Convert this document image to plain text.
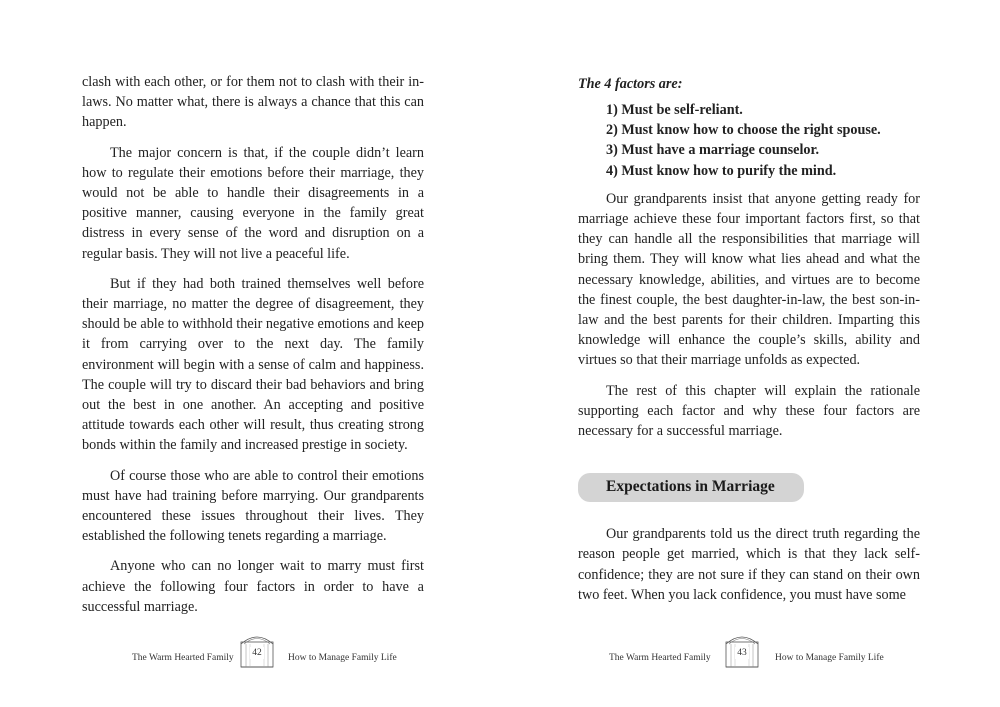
clash with each other, or for them not to clash with their in-laws. No matter what, there is always a chance that this can happen.

The major concern is that, if the couple didn’t learn how to regulate their emotions before their marriage, they would not be able to handle their disagreements in a positive manner, causing everyone in the family great distress in every sense of the word and disruption on a regular basis. They will not live a peaceful life.

But if they had both trained themselves well before their marriage, no matter the degree of disagreement, they should be able to withhold their negative emotions and keep it from carrying over to the next day. The family environment will begin with a sense of calm and happiness. The couple will try to discard their bad behaviors and bring out the best in one another. An accepting and positive attitude towards each other will result, thus creating strong bonds within the family and increased prestige in society.

Of course those who are able to control their emotions must have had training before marrying. Our grandparents encountered these issues throughout their lives. They established the following tenets regarding a marriage.

Anyone who can no longer wait to marry must first achieve the following four factors in order to have a successful marriage.

The Warm Hearted Family 42	How to Manage Family Life
The 4 factors are:
1) Must be self-reliant.
2) Must know how to choose the right spouse.
3) Must have a marriage counselor.
4) Must know how to purify the mind.

Our grandparents insist that anyone getting ready for marriage achieve these four important factors first, so that they can handle all the responsibilities that marriage will bring them. They will know what lies ahead and what the necessary knowledge, abilities, and virtues are to become the finest couple, the best daughter-in-law, the best son-in-law and the best parents for their children. Imparting this knowledge will enhance the couple’s skills, ability and virtues so that their marriage unfolds as expected.

The rest of this chapter will explain the rationale supporting each factor and why these four factors are necessary for a successful marriage.

Expectations in Marriage

Our grandparents told us the direct truth regarding the reason people get married, which is that they lack self-confidence; they are not sure if they can stand on their own two feet. When you lack confidence, you must have some

The Warm Hearted Family	43	How to Manage Family Life
